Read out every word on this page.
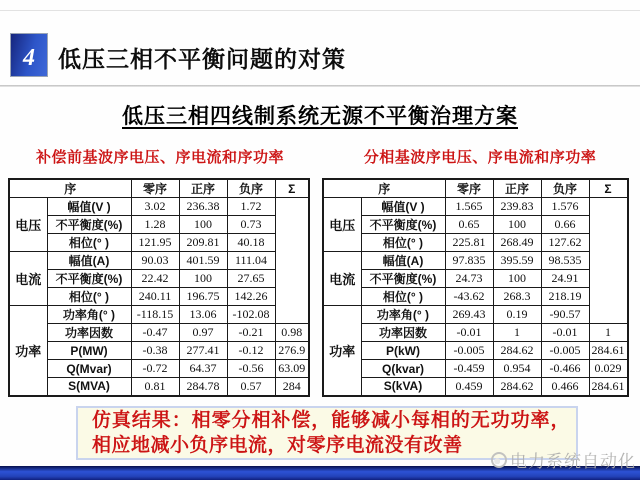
4	低压三相不平衡问题的对策
低压三相四线制系统无源不平衡治理方案
补偿前基波序电压、序电流和序功率	分相基波序电压、序电流和序功率
序		零序	正序	负序	Σ
电压	幅值(V )	3.02	236.38	1.72	
	不平衡度(%)	1.28	100	0.73	
	相位(° )	121.95	209.81	40.18	
电流	幅值(A)	90.03	401.59	111.04	
	不平衡度(%)	22.42	100	27.65	
	相位(° )	240.11	196.75	142.26	
功率	功率角(° )	-118.15	13.06	-102.08	
	功率因数	-0.47	0.97	-0.21	0.98
	P(MW)	-0.38	277.41	-0.12	276.9
	Q(Mvar)	-0.72	64.37	-0.56	63.09
	S(MVA)	0.81	284.78	0.57	284
序		零序	正序	负序	Σ
电压	幅值(V )	1.565	239.83	1.576	
	不平衡度(%)	0.65	100	0.66	
	相位(° )	225.81	268.49	127.62	
电流	幅值(A)	97.835	395.59	98.535	
	不平衡度(%)	24.73	100	24.91	
	相位(° )	-43.62	268.3	218.19	
功率	功率角(° )	269.43	0.19	-90.57	
	功率因数	-0.01	1	-0.01	1
	P(kW)	-0.005	284.62	-0.005	284.61
	Q(kvar)	-0.459	0.954	-0.466	0.029
	S(kVA)	0.459	284.62	0.466	284.61

仿真结果：相零分相补偿，能够减小每相的无功功率，相应地减小负序电流，对零序电流没有改善

电力系统自动化
